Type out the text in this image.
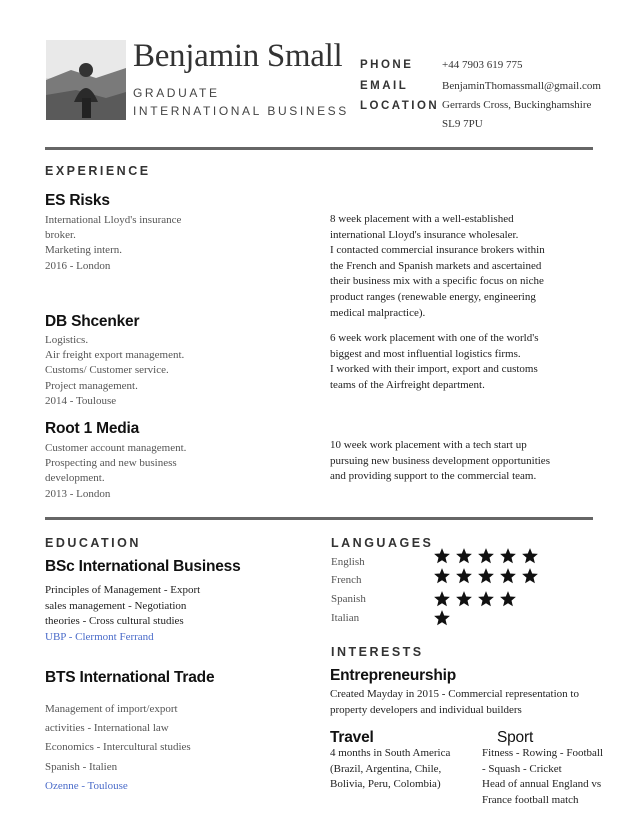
Benjamin Small
GRADUATE
INTERNATIONAL BUSINESS
PHONE
EMAIL
LOCATION
+44 7903 619 775
BenjaminThomassmall@gmail.com
Gerrards Cross, Buckinghamshire
SL9 7PU
EXPERIENCE
ES Risks
International Lloyd's insurance
broker.
Marketing intern.
2016 - London
8 week placement with a well-established
international Lloyd's insurance wholesaler.
I contacted commercial insurance brokers within
the French and Spanish markets and ascertained
their business mix with a specific focus on niche
product ranges (renewable energy, engineering
medical malpractice).
DB Shcenker
Logistics.
Air freight export management.
Customs/ Customer service.
Project management.
2014 - Toulouse
6 week work placement with one of the world's
biggest and most influential logistics firms.
I worked with their import, export and customs
teams of the Airfreight department.
Root 1 Media
Customer account management.
Prospecting and new business
development.
2013 - London
10 week work placement with a tech start up
pursuing new business development opportunities
and providing support to the commercial team.
EDUCATION
BSc International Business
Principles of Management - Export
sales management - Negotiation
theories - Cross cultural studies
UBP - Clermont Ferrand
BTS International Trade
Management of import/export
activities - International law
Economics - Intercultural studies
Spanish - Italien
Ozenne - Toulouse
LANGUAGES
English
French
Spanish
Italian
INTERESTS
Entrepreneurship
Created Mayday in 2015 - Commercial representation to
property developers and individual builders
Travel
4 months in South America
(Brazil, Argentina, Chile,
Bolivia, Peru, Colombia)
Sport
Fitness - Rowing - Football
- Squash - Cricket
Head of annual England vs
France football match
